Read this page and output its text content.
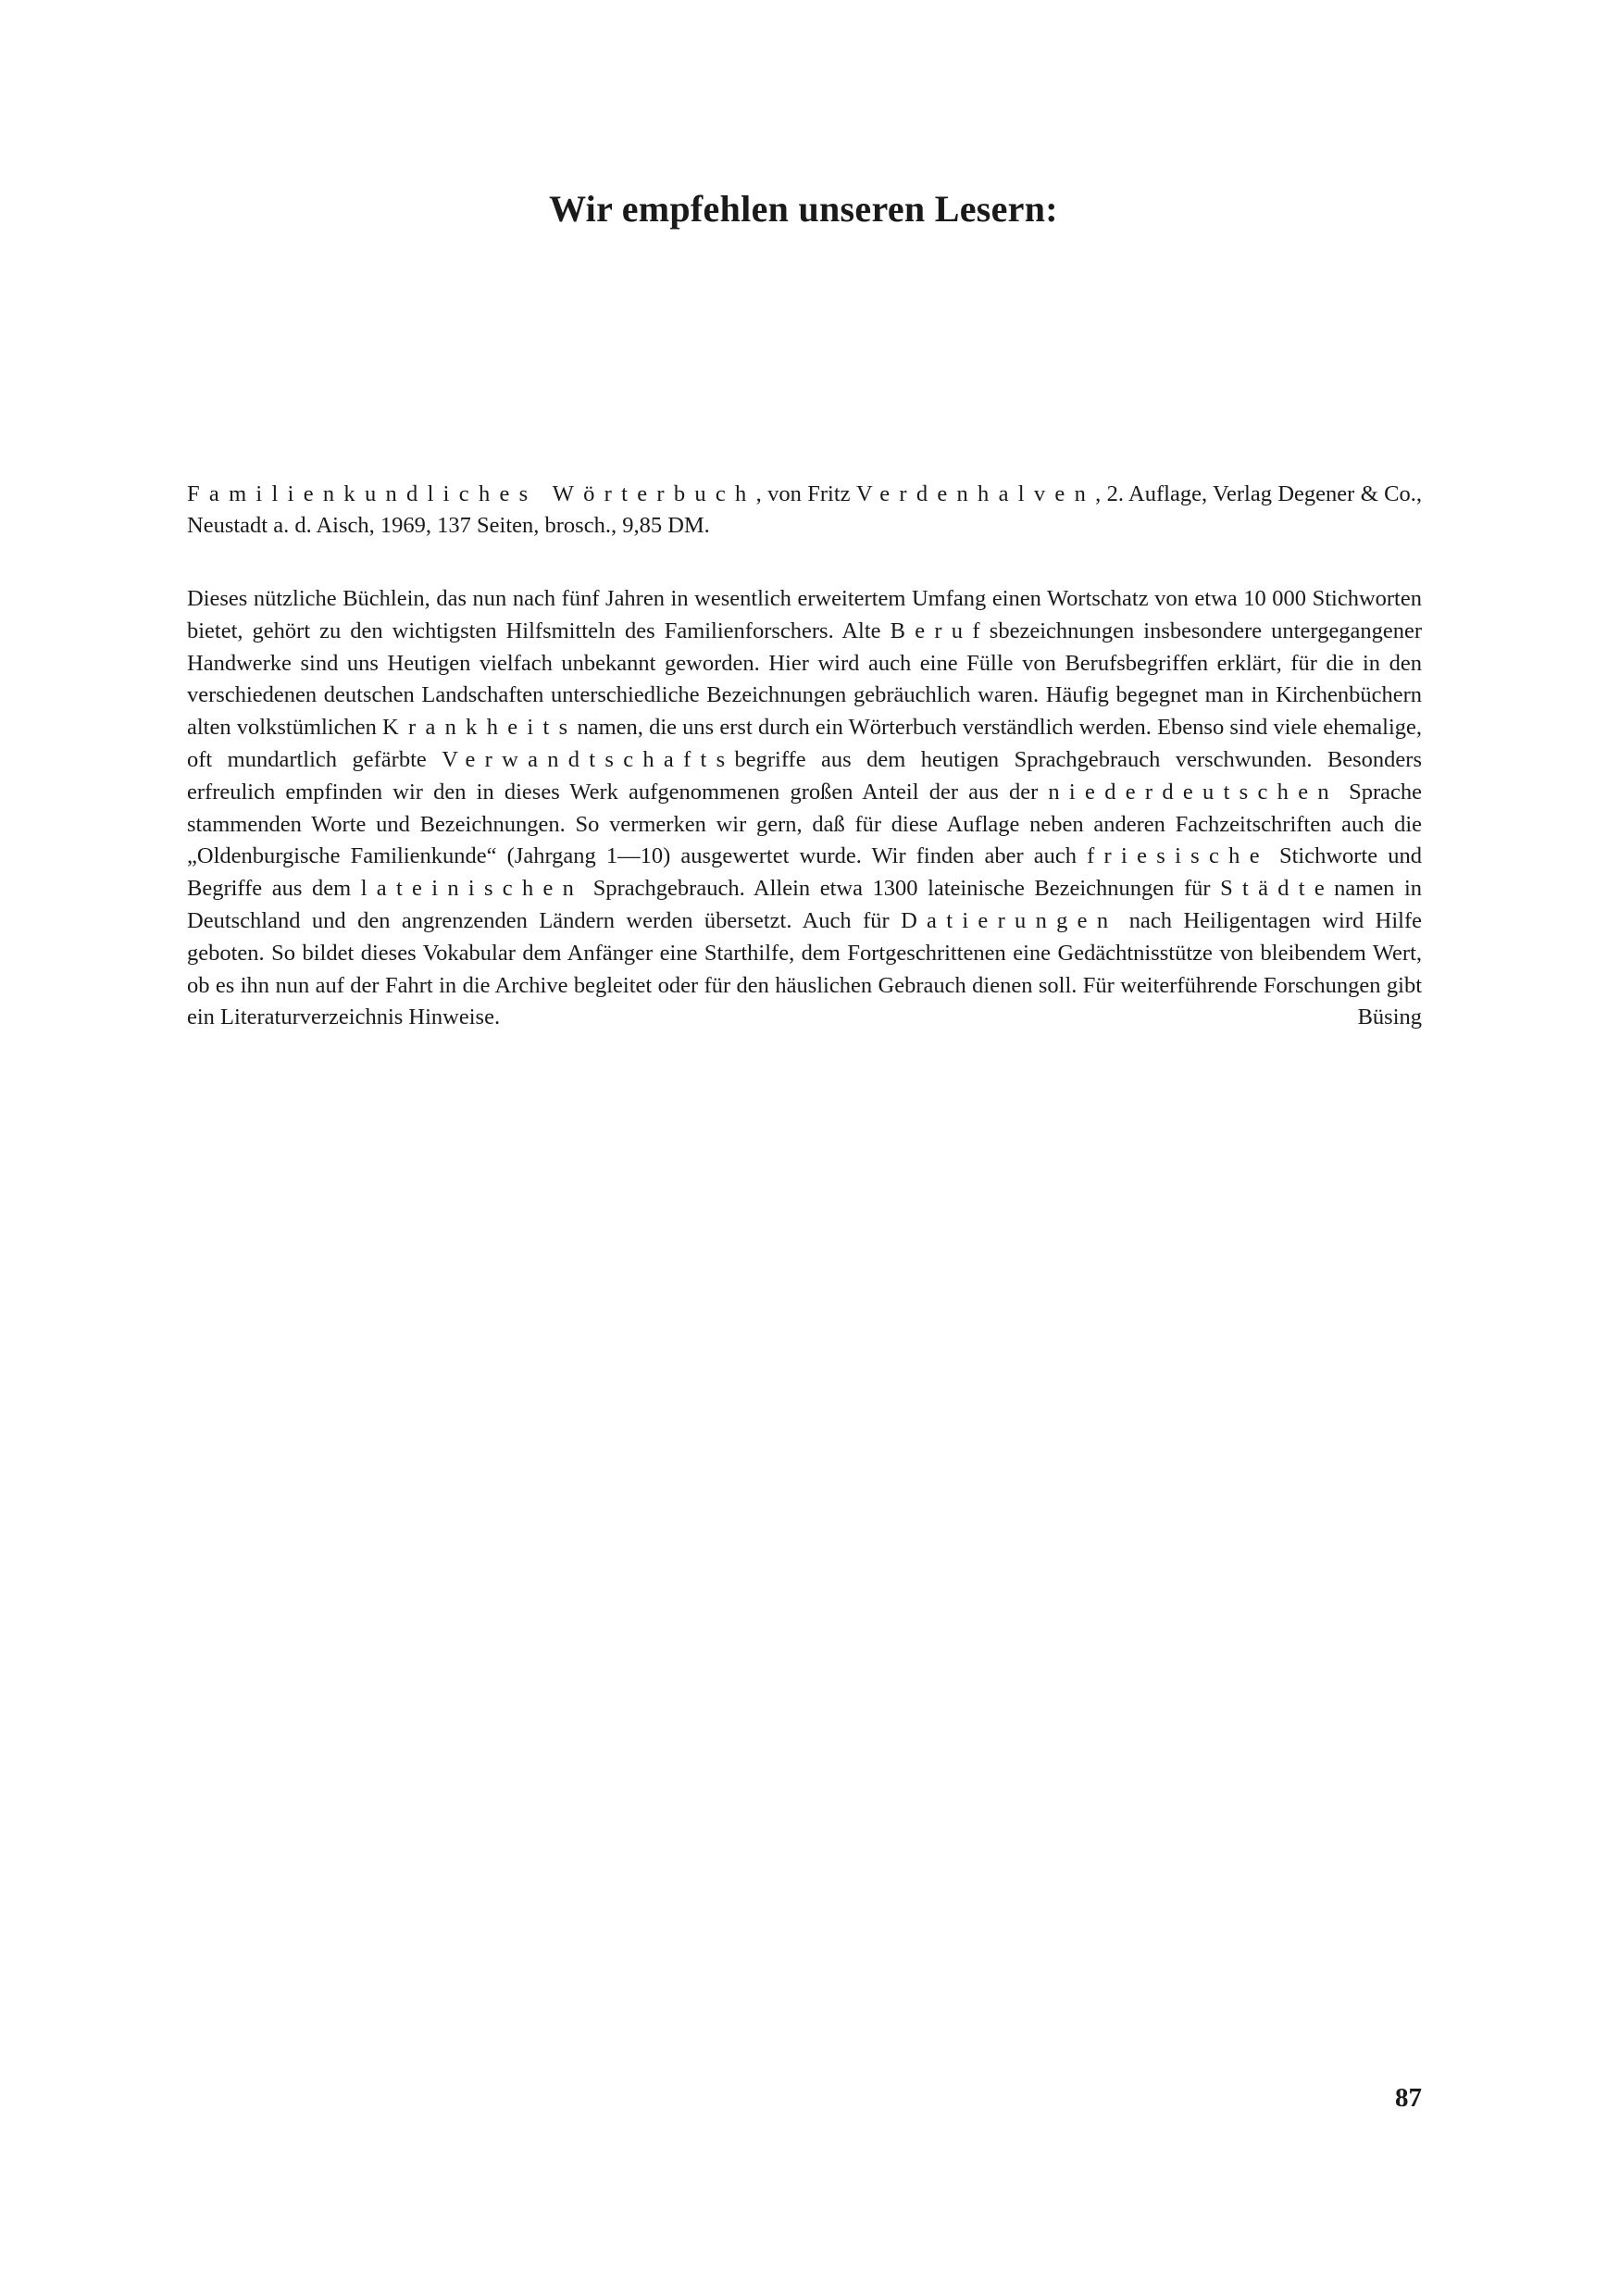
Wir empfehlen unseren Lesern:

Familienkundliches Wörterbuch, von Fritz Verdenhalven, 2. Auflage, Verlag Degener & Co., Neustadt a. d. Aisch, 1969, 137 Seiten, brosch., 9,85 DM.

Dieses nützliche Büchlein, das nun nach fünf Jahren in wesentlich erweitertem Umfang einen Wortschatz von etwa 10 000 Stichworten bietet, gehört zu den wichtigsten Hilfsmitteln des Familienforschers. Alte Berufsbezeichnungen insbesondere untergegangener Handwerke sind uns Heutigen vielfach unbekannt geworden. Hier wird auch eine Fülle von Berufsbegriffen erklärt, für die in den verschiedenen deutschen Landschaften unterschiedliche Bezeichnungen gebräuchlich waren. Häufig begegnet man in Kirchenbüchern alten volkstümlichen Krankheitsnamen, die uns erst durch ein Wörterbuch verständlich werden. Ebenso sind viele ehemalige, oft mundartlich gefärbte Verwandtschaftsbegriffe aus dem heutigen Sprachgebrauch verschwunden. Besonders erfreulich empfinden wir den in dieses Werk aufgenommenen großen Anteil der aus der niederdeutschen Sprache stammenden Worte und Bezeichnungen. So vermerken wir gern, daß für diese Auflage neben anderen Fachzeitschriften auch die „Oldenburgische Familienkunde“ (Jahrgang 1—10) ausgewertet wurde. Wir finden aber auch friesische Stichworte und Begriffe aus dem lateinischen Sprachgebrauch. Allein etwa 1300 lateinische Bezeichnungen für Städtenamen in Deutschland und den angrenzenden Ländern werden übersetzt. Auch für Datierungen nach Heiligentagen wird Hilfe geboten. So bildet dieses Vokabular dem Anfänger eine Starthilfe, dem Fortgeschrittenen eine Gedächtnisstütze von bleibendem Wert, ob es ihn nun auf der Fahrt in die Archive begleitet oder für den häuslichen Gebrauch dienen soll. Für weiterführende Forschungen gibt ein Literaturverzeichnis Hinweise.	Büsing

87
